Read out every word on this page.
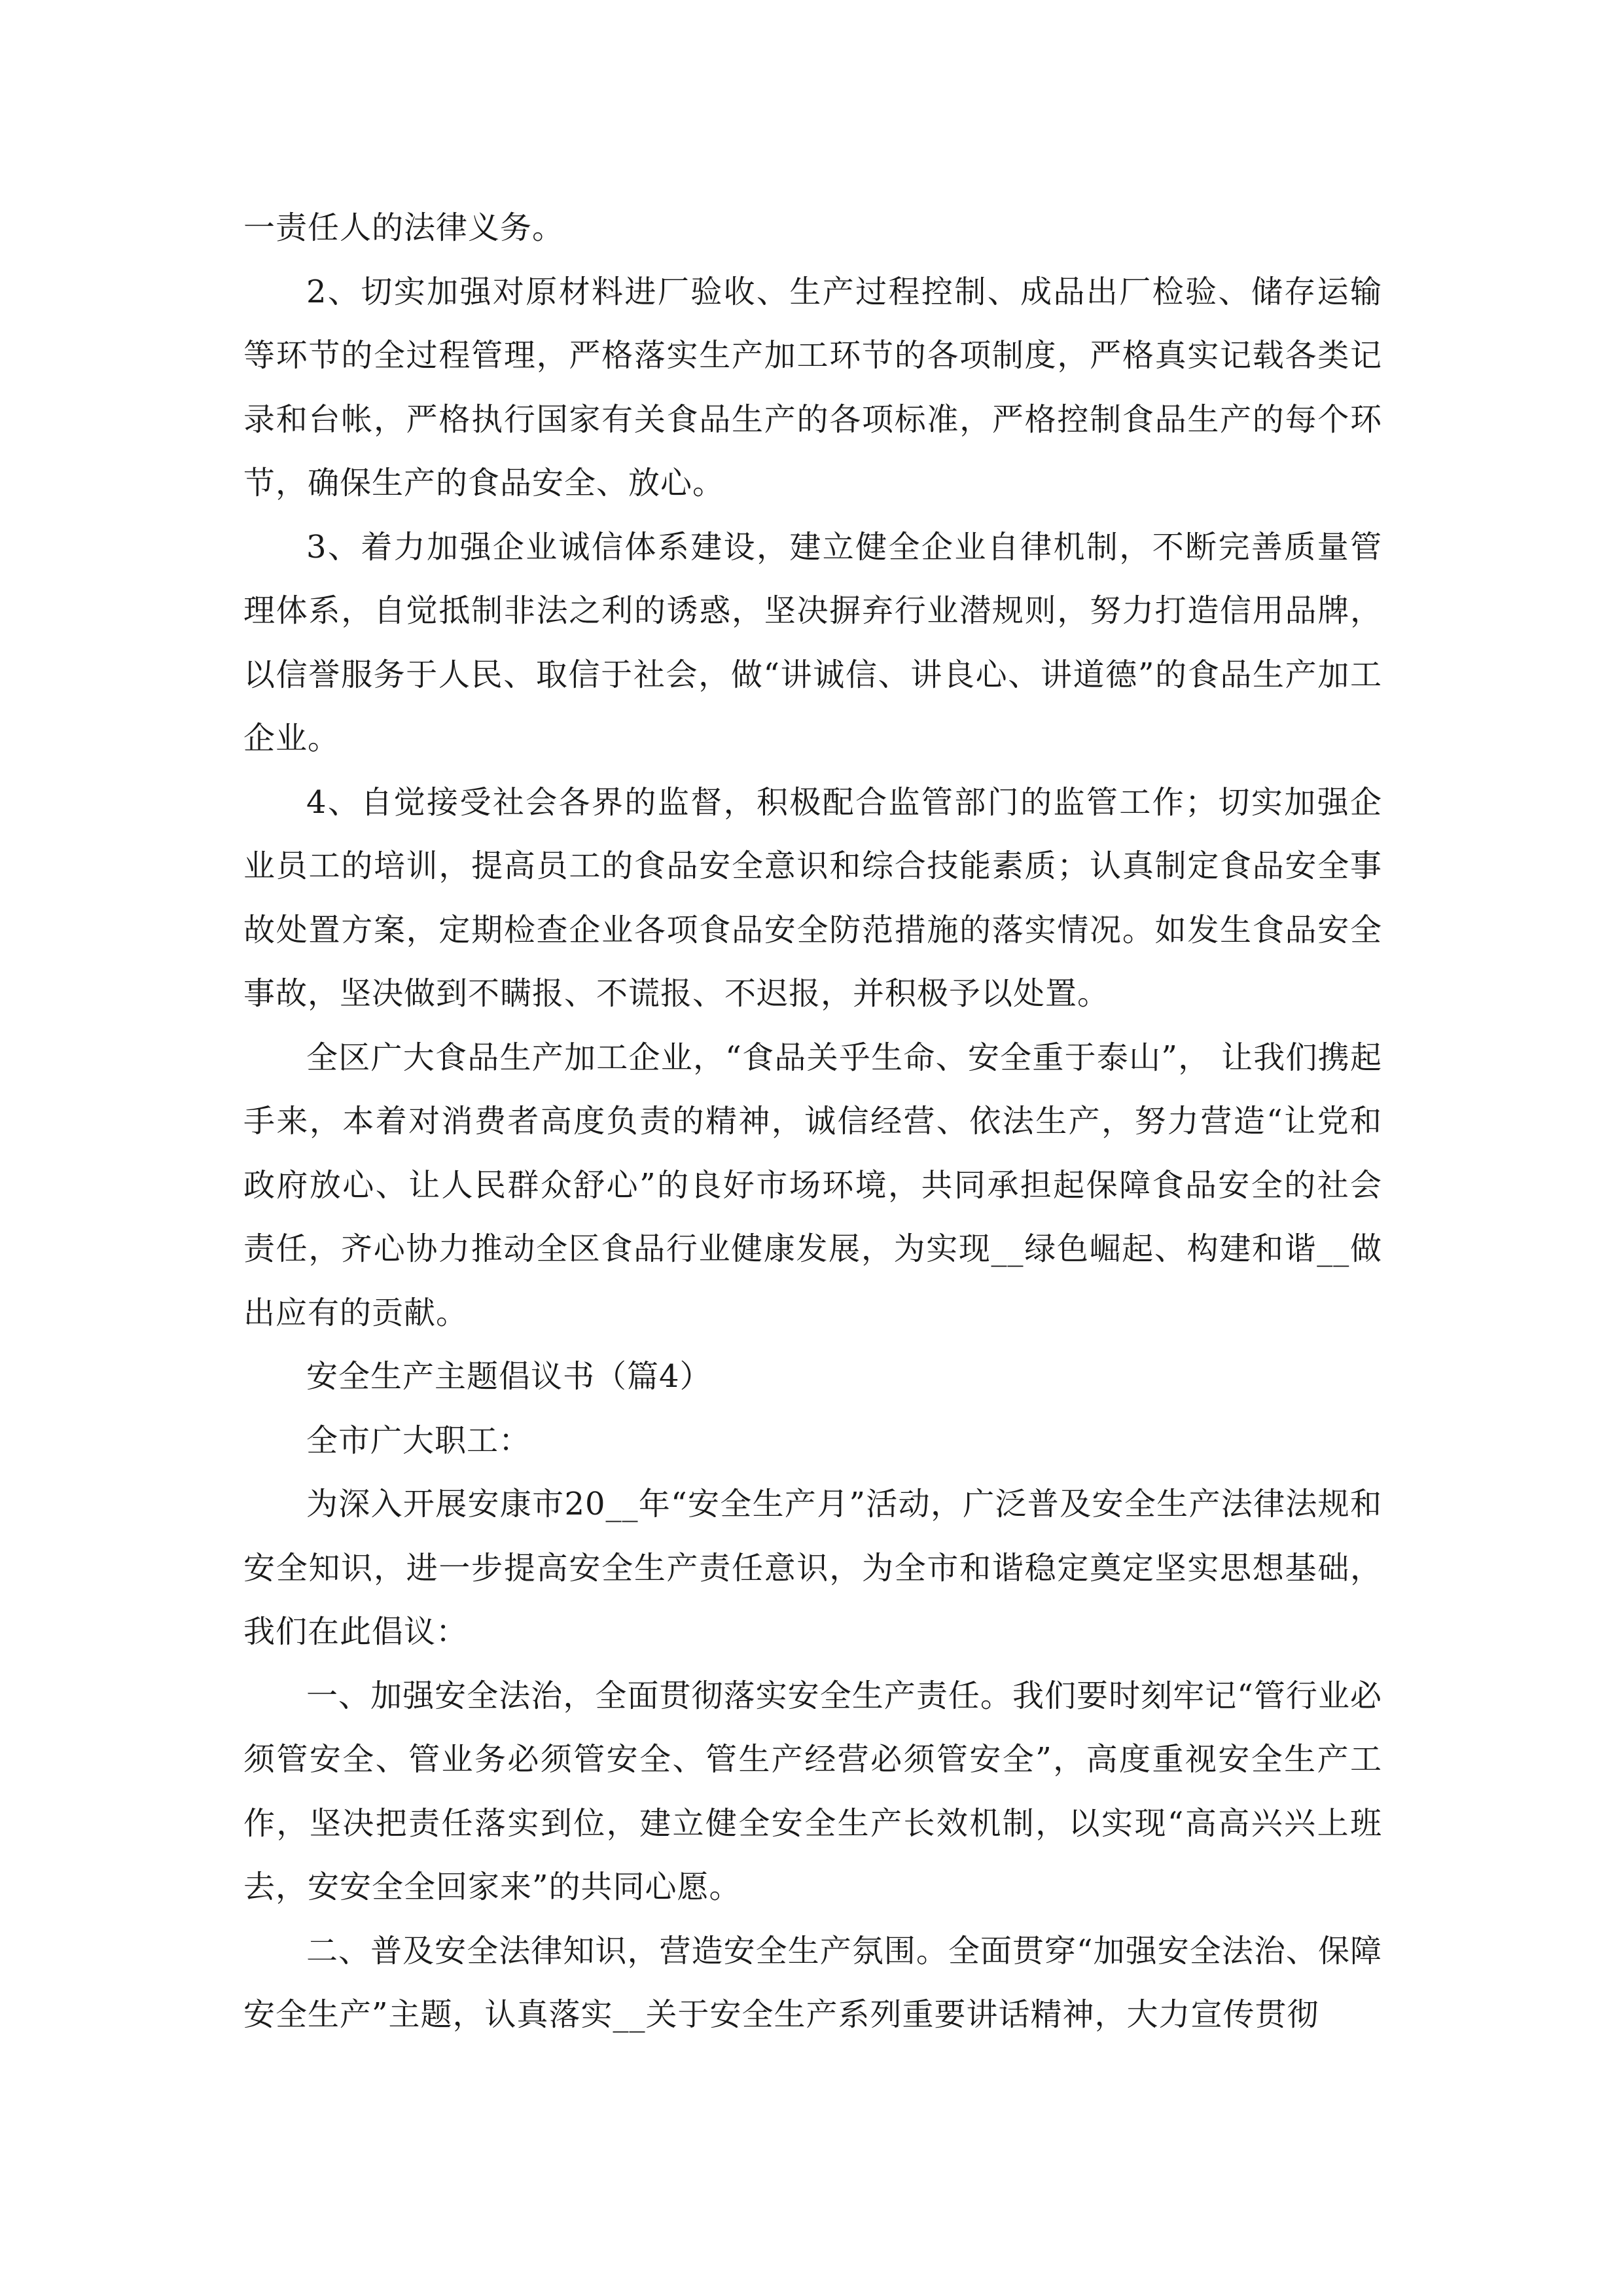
一责任人的法律义务。

2、切实加强对原材料进厂验收、生产过程控制、成品出厂检验、储存运输等环节的全过程管理，严格落实生产加工环节的各项制度，严格真实记载各类记录和台帐，严格执行国家有关食品生产的各项标准，严格控制食品生产的每个环节，确保生产的食品安全、放心。

3、着力加强企业诚信体系建设，建立健全企业自律机制，不断完善质量管理体系，自觉抵制非法之利的诱惑，坚决摒弃行业潜规则，努力打造信用品牌，以信誉服务于人民、取信于社会，做“讲诚信、讲良心、讲道德”的食品生产加工企业。

4、自觉接受社会各界的监督，积极配合监管部门的监管工作；切实加强企业员工的培训，提高员工的食品安全意识和综合技能素质；认真制定食品安全事故处置方案，定期检查企业各项食品安全防范措施的落实情况。如发生食品安全事故，坚决做到不瞒报、不谎报、不迟报，并积极予以处置。

全区广大食品生产加工企业，“食品关乎生命、安全重于泰山”， 让我们携起手来，本着对消费者高度负责的精神，诚信经营、依法生产，努力营造“让党和政府放心、让人民群众舒心”的良好市场环境，共同承担起保障食品安全的社会责任，齐心协力推动全区食品行业健康发展，为实现__绿色崛起、构建和谐__做出应有的贡献。

安全生产主题倡议书（篇4）

全市广大职工：

为深入开展安康市20__年“安全生产月”活动，广泛普及安全生产法律法规和安全知识，进一步提高安全生产责任意识，为全市和谐稳定奠定坚实思想基础，我们在此倡议：

一、加强安全法治，全面贯彻落实安全生产责任。我们要时刻牢记“管行业必须管安全、管业务必须管安全、管生产经营必须管安全”，高度重视安全生产工作，坚决把责任落实到位，建立健全安全生产长效机制，以实现“高高兴兴上班去，安安全全回家来”的共同心愿。

二、普及安全法律知识，营造安全生产氛围。全面贯穿“加强安全法治、保障安全生产”主题，认真落实__关于安全生产系列重要讲话精神，大力宣传贯彻
